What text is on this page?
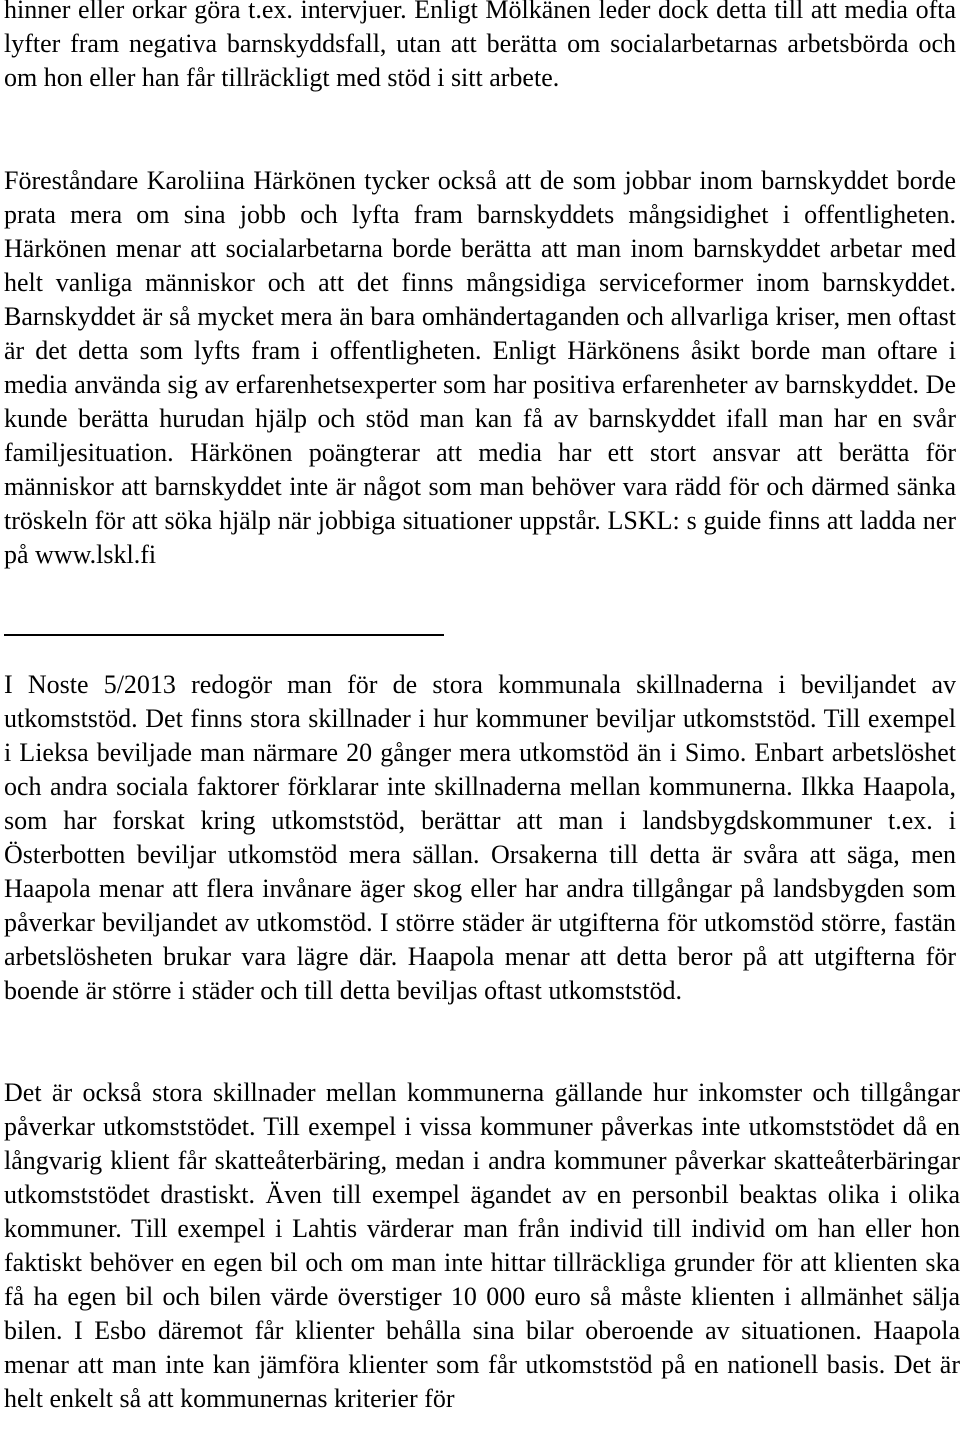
hinner eller orkar göra t.ex. intervjuer. Enligt Mölkänen leder dock detta till att media ofta lyfter fram negativa barnskyddsfall, utan att berätta om socialarbetarnas arbetsbörda och om hon eller han får tillräckligt med stöd i sitt arbete.

Föreståndare Karoliina Härkönen tycker också att de som jobbar inom barnskyddet borde prata mera om sina jobb och lyfta fram barnskyddets mångsidighet i offentligheten. Härkönen menar att socialarbetarna borde berätta att man inom barnskyddet arbetar med helt vanliga människor och att det finns mångsidiga serviceformer inom barnskyddet. Barnskyddet är så mycket mera än bara omhändertaganden och allvarliga kriser, men oftast är det detta som lyfts fram i offentligheten. Enligt Härkönens åsikt borde man oftare i media använda sig av erfarenhetsexperter som har positiva erfarenheter av barnskyddet. De kunde berätta hurudan hjälp och stöd man kan få av barnskyddet ifall man har en svår familjesituation. Härkönen poängterar att media har ett stort ansvar att berätta för människor att barnskyddet inte är något som man behöver vara rädd för och därmed sänka tröskeln för att söka hjälp när jobbiga situationer uppstår. LSKL: s guide finns att ladda ner på www.lskl.fi

I Noste 5/2013 redogör man för de stora kommunala skillnaderna i beviljandet av utkomststöd. Det finns stora skillnader i hur kommuner beviljar utkomststöd. Till exempel i Lieksa beviljade man närmare 20 gånger mera utkomstöd än i Simo. Enbart arbetslöshet och andra sociala faktorer förklarar inte skillnaderna mellan kommunerna. Ilkka Haapola, som har forskat kring utkomststöd, berättar att man i landsbygdskommuner t.ex. i Österbotten beviljar utkomstöd mera sällan. Orsakerna till detta är svåra att säga, men Haapola menar att flera invånare äger skog eller har andra tillgångar på landsbygden som påverkar beviljandet av utkomstöd. I större städer är utgifterna för utkomstöd större, fastän arbetslösheten brukar vara lägre där. Haapola menar att detta beror på att utgifterna för boende är större i städer och till detta beviljas oftast utkomststöd.

Det är också stora skillnader mellan kommunerna gällande hur inkomster och tillgångar påverkar utkomststödet. Till exempel i vissa kommuner påverkas inte utkomststödet då en långvarig klient får skatteåterbäring, medan i andra kommuner påverkar skatteåterbäringar utkomststödet drastiskt. Även till exempel ägandet av en personbil beaktas olika i olika kommuner. Till exempel i Lahtis värderar man från individ till individ om han eller hon faktiskt behöver en egen bil och om man inte hittar tillräckliga grunder för att klienten ska få ha egen bil och bilen värde överstiger 10 000 euro så måste klienten i allmänhet sälja bilen. I Esbo däremot får klienter behålla sina bilar oberoende av situationen. Haapola menar att man inte kan jämföra klienter som får utkomststöd på en nationell basis. Det är helt enkelt så att kommunernas kriterier för
